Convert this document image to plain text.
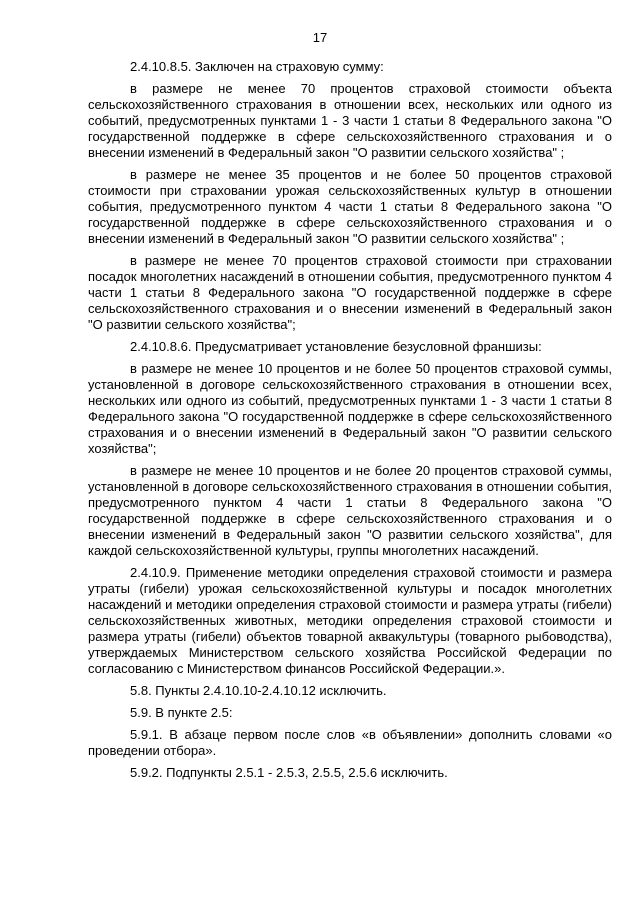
17

2.4.10.8.5. Заключен на страховую сумму:

в размере не менее 70 процентов страховой стоимости объекта сельскохозяйственного страхования в отношении всех, нескольких или одного из событий, предусмотренных пунктами 1 - 3 части 1 статьи 8 Федерального закона "О государственной поддержке в сфере сельскохозяйственного страхования и о внесении изменений в Федеральный закон "О развитии сельского хозяйства" ;

в размере не менее 35 процентов и не более 50 процентов страховой стоимости при страховании урожая сельскохозяйственных культур в отношении события, предусмотренного пунктом 4 части 1 статьи 8 Федерального закона "О государственной поддержке в сфере сельскохозяйственного страхования и о внесении изменений в Федеральный закон "О развитии сельского хозяйства" ;

в размере не менее 70 процентов страховой стоимости при страховании посадок многолетних насаждений в отношении события, предусмотренного пунктом 4 части 1 статьи 8 Федерального закона "О государственной поддержке в сфере сельскохозяйственного страхования и о внесении изменений в Федеральный закон "О развитии сельского хозяйства";

2.4.10.8.6. Предусматривает установление безусловной франшизы:

в размере не менее 10 процентов и не более 50 процентов страховой суммы, установленной в договоре сельскохозяйственного страхования в отношении всех, нескольких или одного из событий, предусмотренных пунктами 1 - 3 части 1 статьи 8 Федерального закона "О государственной поддержке в сфере сельскохозяйственного страхования и о внесении изменений в Федеральный закон "О развитии сельского хозяйства";

в размере не менее 10 процентов и не более 20 процентов страховой суммы, установленной в договоре сельскохозяйственного страхования в отношении события, предусмотренного пунктом 4 части 1 статьи 8 Федерального закона "О государственной поддержке в сфере сельскохозяйственного страхования и о внесении изменений в Федеральный закон "О развитии сельского хозяйства", для каждой сельскохозяйственной культуры, группы многолетних насаждений.

2.4.10.9. Применение методики определения страховой стоимости и размера утраты (гибели) урожая сельскохозяйственной культуры и посадок многолетних насаждений и методики определения страховой стоимости и размера утраты (гибели) сельскохозяйственных животных, методики определения страховой стоимости и размера утраты (гибели) объектов товарной аквакультуры (товарного рыбоводства), утверждаемых Министерством сельского хозяйства Российской Федерации по согласованию с Министерством финансов Российской Федерации.».

5.8. Пункты 2.4.10.10-2.4.10.12 исключить.

5.9. В пункте 2.5:

5.9.1. В абзаце первом после слов «в объявлении» дополнить словами «о проведении отбора».

5.9.2. Подпункты 2.5.1 - 2.5.3, 2.5.5, 2.5.6 исключить.
